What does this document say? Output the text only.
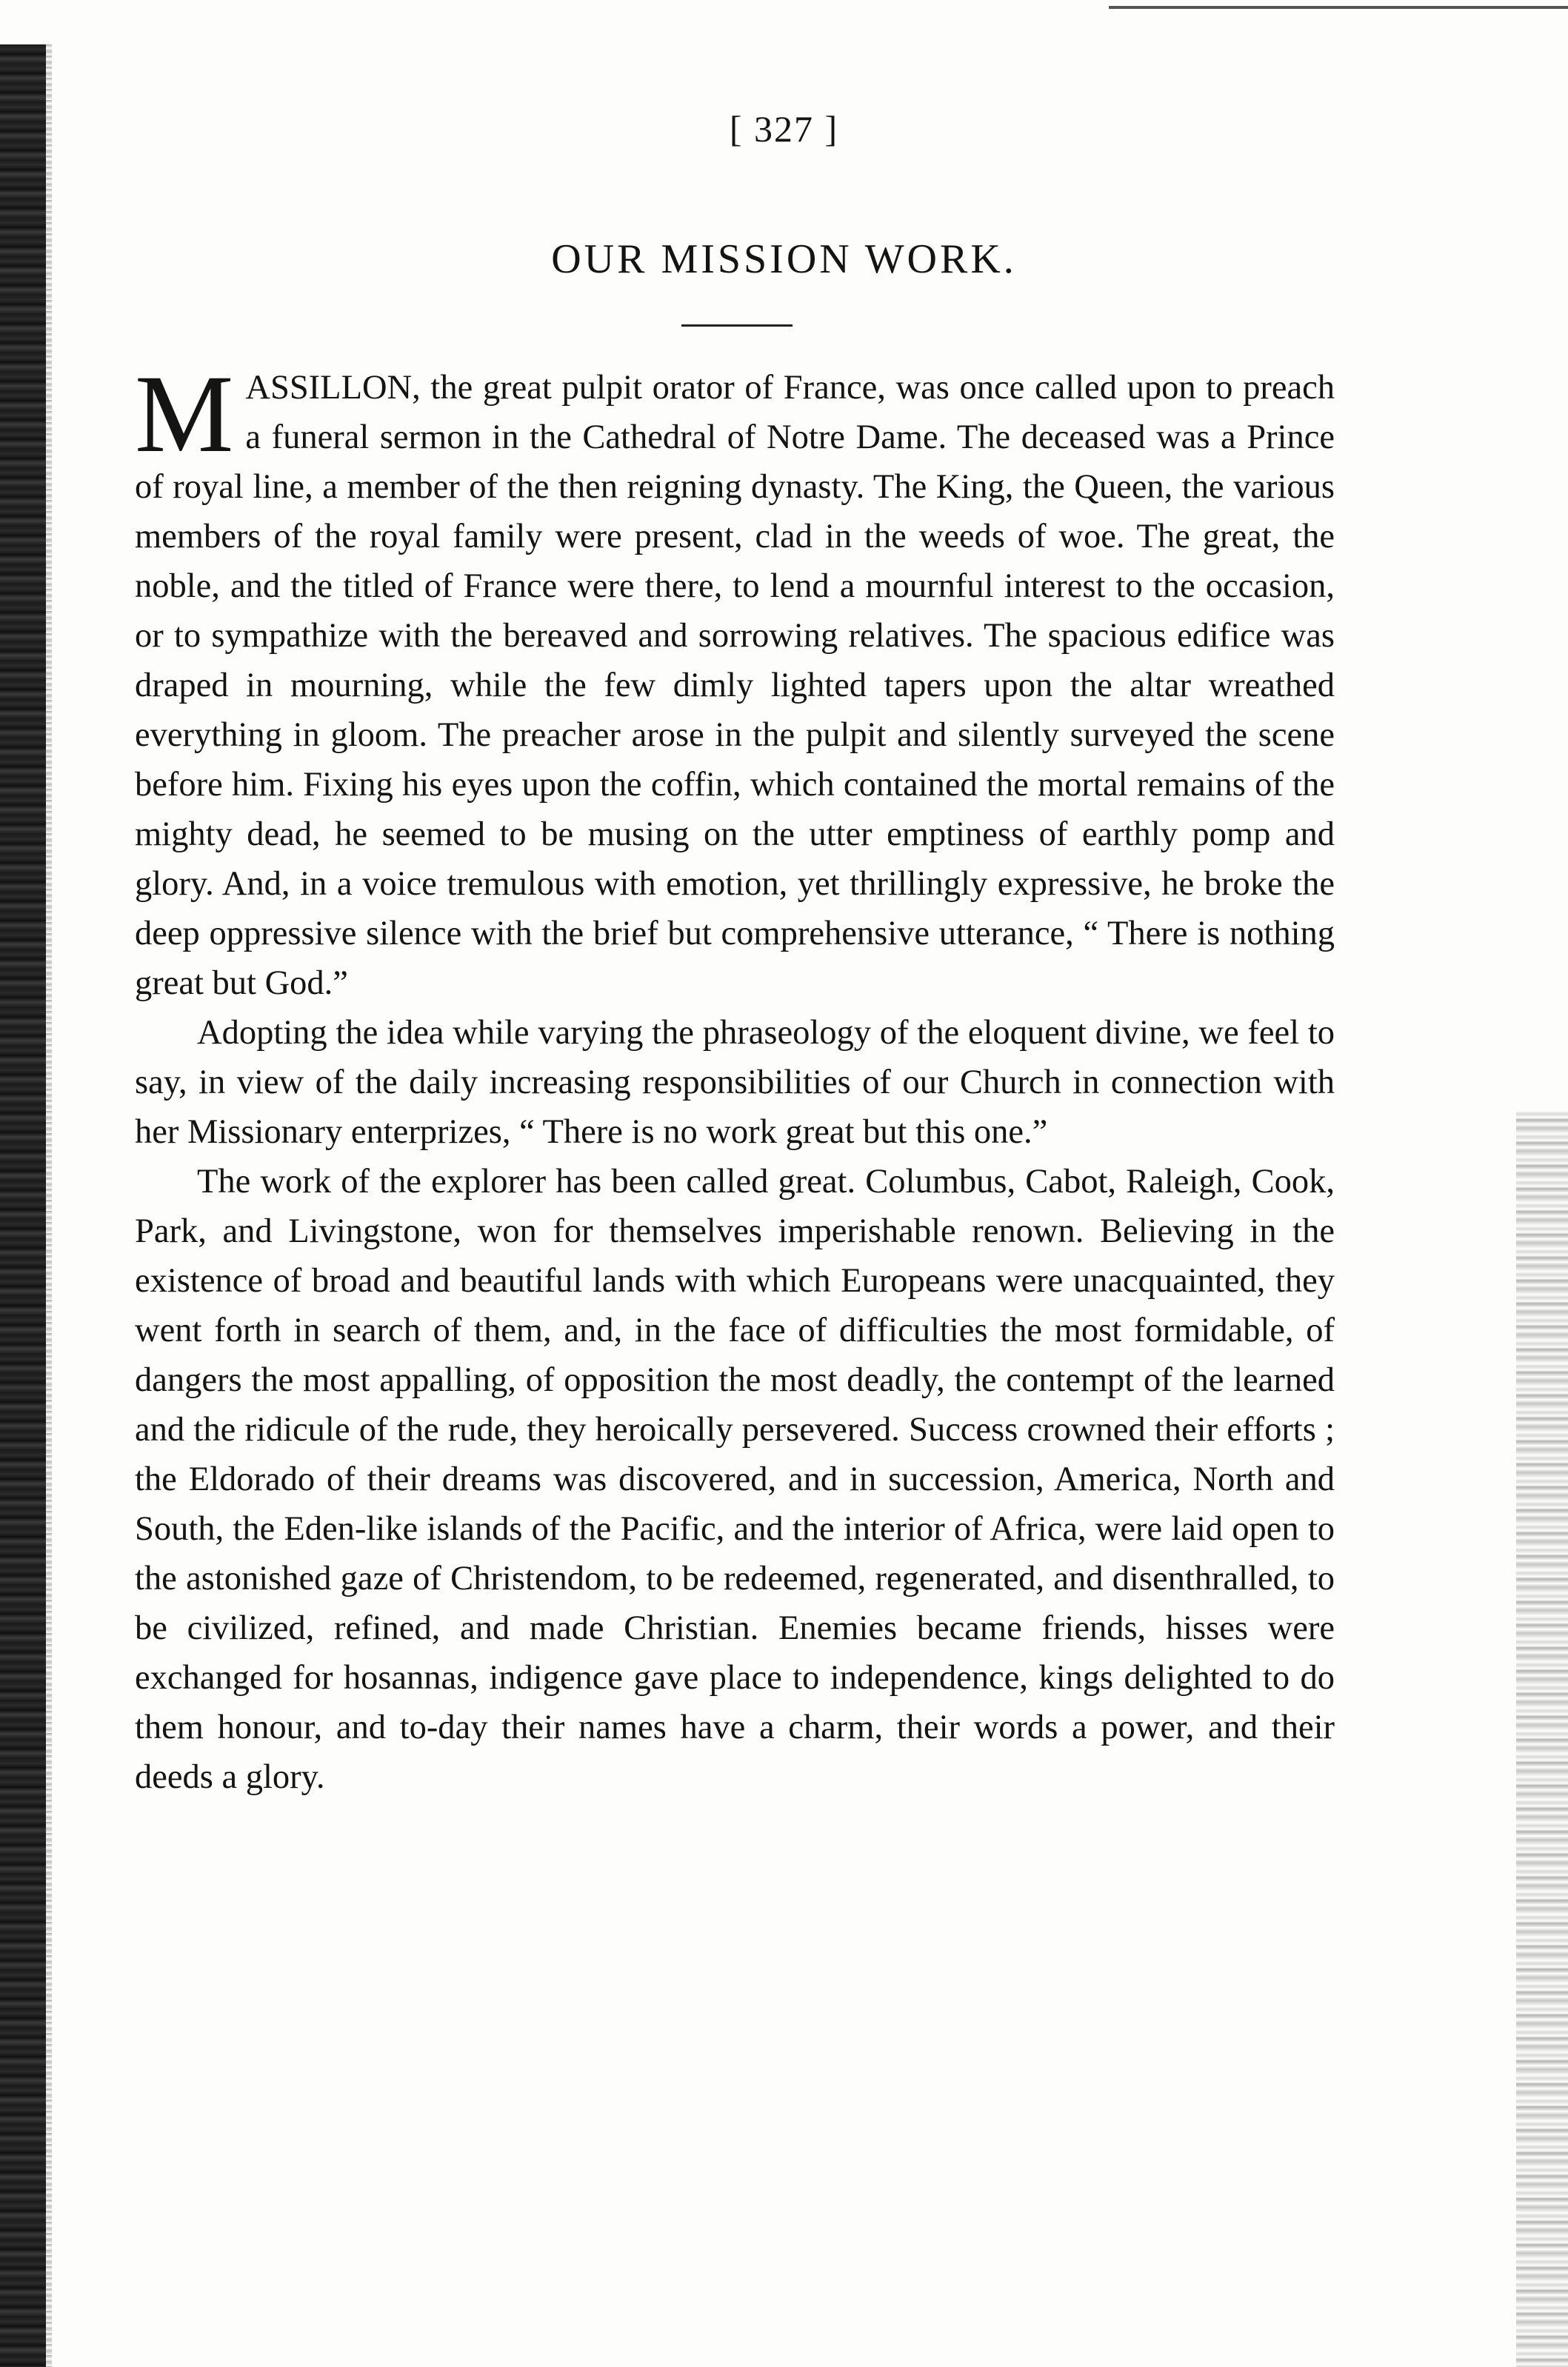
[ 327 ]
OUR MISSION WORK.

MASSILLON, the great pulpit orator of France, was once called upon to preach a funeral sermon in the Cathedral of Notre Dame. The deceased was a Prince of royal line, a member of the then reigning dynasty. The King, the Queen, the various members of the royal family were present, clad in the weeds of woe. The great, the noble, and the titled of France were there, to lend a mournful interest to the occasion, or to sympathize with the bereaved and sorrowing relatives. The spacious edifice was draped in mourning, while the few dimly lighted tapers upon the altar wreathed everything in gloom. The preacher arose in the pulpit and silently surveyed the scene before him. Fixing his eyes upon the coffin, which contained the mortal remains of the mighty dead, he seemed to be musing on the utter emptiness of earthly pomp and glory. And, in a voice tremulous with emotion, yet thrillingly expressive, he broke the deep oppressive silence with the brief but comprehensive utterance, “ There is nothing great but God.”

Adopting the idea while varying the phraseology of the eloquent divine, we feel to say, in view of the daily increasing responsibilities of our Church in connection with her Missionary enterprizes, “ There is no work great but this one.”

The work of the explorer has been called great. Columbus, Cabot, Raleigh, Cook, Park, and Livingstone, won for themselves imperishable renown. Believing in the existence of broad and beautiful lands with which Europeans were unacquainted, they went forth in search of them, and, in the face of difficulties the most formidable, of dangers the most appalling, of opposition the most deadly, the contempt of the learned and the ridicule of the rude, they heroically persevered. Success crowned their efforts ; the Eldorado of their dreams was discovered, and in succession, America, North and South, the Eden-like islands of the Pacific, and the interior of Africa, were laid open to the astonished gaze of Christendom, to be redeemed, regenerated, and disenthralled, to be civilized, refined, and made Christian. Enemies became friends, hisses were exchanged for hosannas, indigence gave place to independence, kings delighted to do them honour, and to-day their names have a charm, their words a power, and their deeds a glory.
